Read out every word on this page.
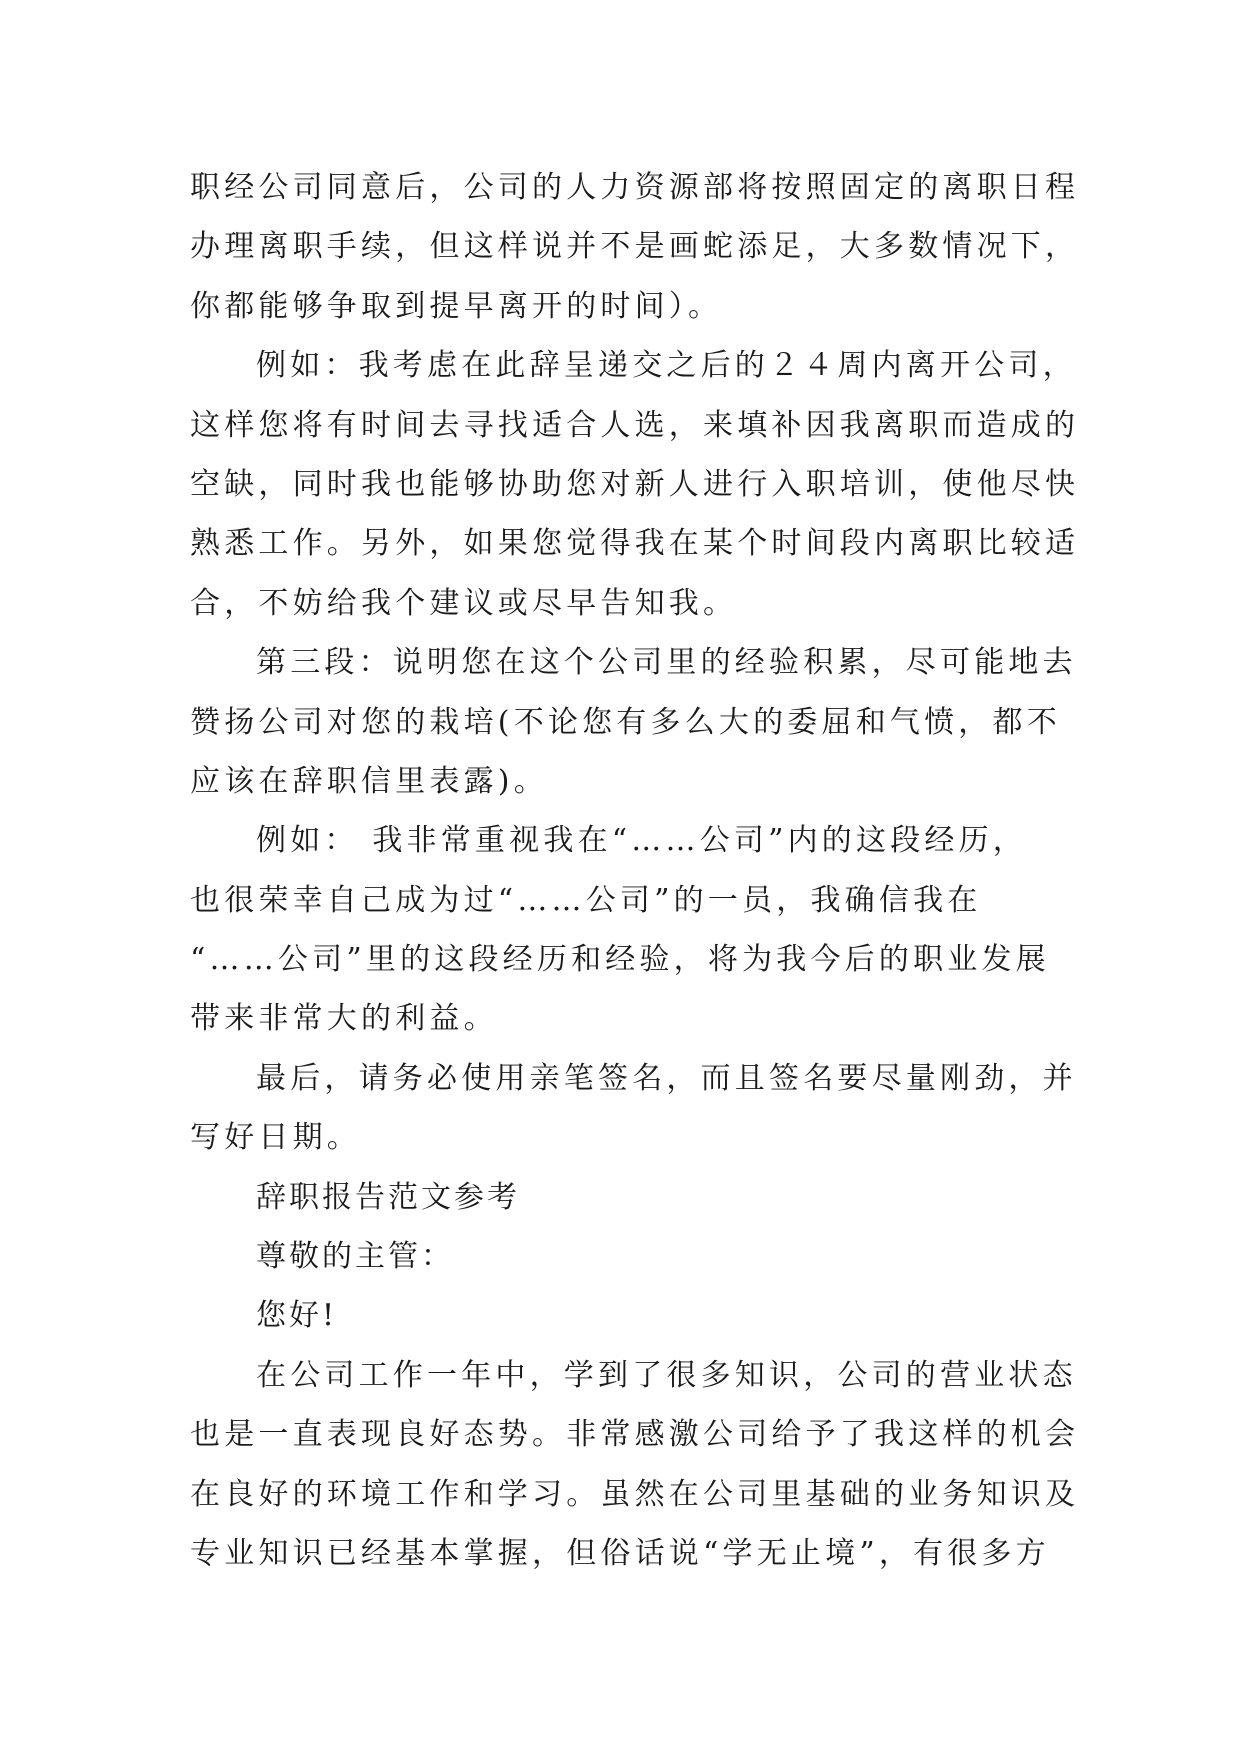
职经公司同意后，公司的人力资源部将按照固定的离职日程
办理离职手续，但这样说并不是画蛇添足，大多数情况下，
你都能够争取到提早离开的时间）。
例如：我考虑在此辞呈递交之后的２４周内离开公司，
这样您将有时间去寻找适合人选，来填补因我离职而造成的
空缺，同时我也能够协助您对新人进行入职培训，使他尽快
熟悉工作。另外，如果您觉得我在某个时间段内离职比较适
合，不妨给我个建议或尽早告知我。
第三段：说明您在这个公司里的经验积累，尽可能地去
赞扬公司对您的栽培(不论您有多么大的委屈和气愤，都不
应该在辞职信里表露)。
例如： 我非常重视我在“……公司”内的这段经历，
也很荣幸自己成为过“……公司”的一员，我确信我在
“……公司”里的这段经历和经验，将为我今后的职业发展
带来非常大的利益。
最后，请务必使用亲笔签名，而且签名要尽量刚劲，并
写好日期。
辞职报告范文参考
尊敬的主管：
您好!
在公司工作一年中，学到了很多知识，公司的营业状态
也是一直表现良好态势。非常感激公司给予了我这样的机会
在良好的环境工作和学习。虽然在公司里基础的业务知识及
专业知识已经基本掌握，但俗话说“学无止境”，有很多方
